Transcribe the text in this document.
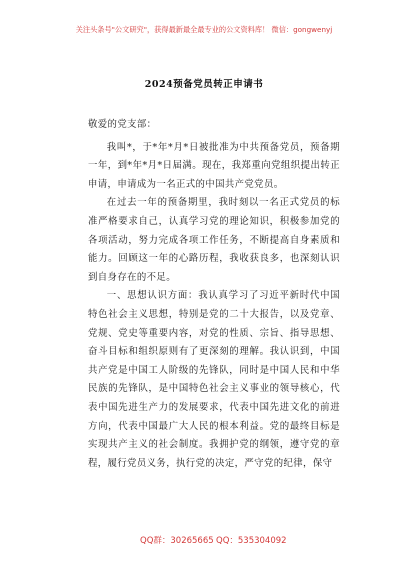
关注头条号"公文研究"，获得最新最全最专业的公文资料库！ 微信：gongwenyj
2024预备党员转正申请书

敬爱的党支部：

我叫*，于*年*月*日被批准为中共预备党员，预备期一年，到*年*月*日届满。现在，我郑重向党组织提出转正申请，申请成为一名正式的中国共产党党员。

在过去一年的预备期里，我时刻以一名正式党员的标准严格要求自己，认真学习党的理论知识，积极参加党的各项活动，努力完成各项工作任务，不断提高自身素质和能力。回顾这一年的心路历程，我收获良多，也深刻认识到自身存在的不足。

一、思想认识方面：我认真学习了习近平新时代中国特色社会主义思想，特别是党的二十大报告，以及党章、党规、党史等重要内容，对党的性质、宗旨、指导思想、奋斗目标和组织原则有了更深刻的理解。我认识到，中国共产党是中国工人阶级的先锋队，同时是中国人民和中华民族的先锋队，是中国特色社会主义事业的领导核心，代表中国先进生产力的发展要求，代表中国先进文化的前进方向，代表中国最广大人民的根本利益。党的最终目标是实现共产主义的社会制度。我拥护党的纲领，遵守党的章程，履行党员义务，执行党的决定，严守党的纪律，保守

QQ群：30265665 QQ：535304092
